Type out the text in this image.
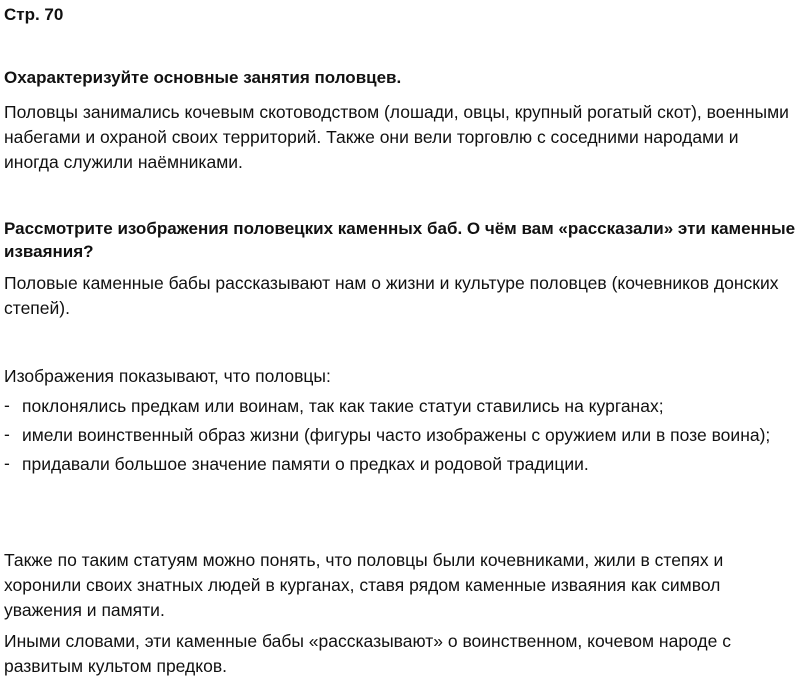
Стр. 70

Охарактеризуйте основные занятия половцев.

Половцы занимались кочевым скотоводством (лошади, овцы, крупный рогатый скот), военными набегами и охраной своих территорий. Также они вели торговлю с соседними народами и иногда служили наёмниками.

Рассмотрите изображения половецких каменных баб. О чём вам «рассказали» эти каменные изваяния?

Половые каменные бабы рассказывают нам о жизни и культуре половцев (кочевников донских степей).

Изображения показывают, что половцы:

- поклонялись предкам или воинам, так как такие статуи ставились на курганах;
- имели воинственный образ жизни (фигуры часто изображены с оружием или в позе воина);
- придавали большое значение памяти о предках и родовой традиции.

Также по таким статуям можно понять, что половцы были кочевниками, жили в степях и хоронили своих знатных людей в курганах, ставя рядом каменные изваяния как символ уважения и памяти.

Иными словами, эти каменные бабы «рассказывают» о воинственном, кочевом народе с развитым культом предков.
